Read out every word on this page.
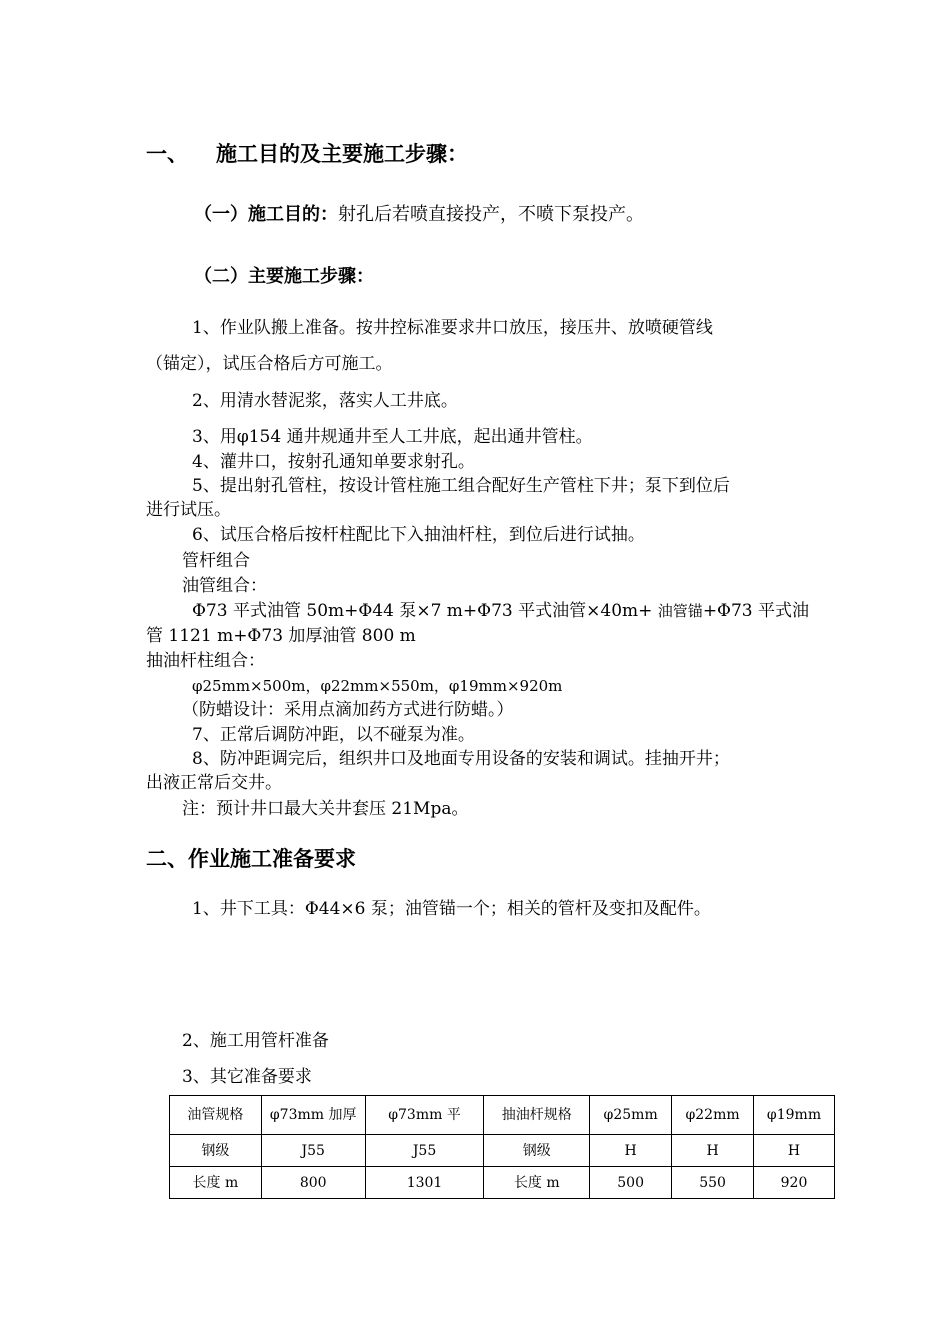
一、 施工目的及主要施工步骤：
（一）施工目的：射孔后若喷直接投产，不喷下泵投产。
（二）主要施工步骤：
1、作业队搬上准备。按井控标准要求井口放压，接压井、放喷硬管线
（锚定），试压合格后方可施工。
2、用清水替泥浆，落实人工井底。
3、用φ154 通井规通井至人工井底，起出通井管柱。
4、灌井口，按射孔通知单要求射孔。
5、提出射孔管柱，按设计管柱施工组合配好生产管柱下井；泵下到位后
进行试压。
6、试压合格后按杆柱配比下入抽油杆柱，到位后进行试抽。
管杆组合
油管组合：
Φ73 平式油管 50m+Φ44 泵×7 m+Φ73 平式油管×40m+ 油管锚+Φ73 平式油
管 1121 m+Φ73 加厚油管 800 m
抽油杆柱组合：
φ25mm×500m，φ22mm×550m，φ19mm×920m
（防蜡设计：采用点滴加药方式进行防蜡。）
7、正常后调防冲距，以不碰泵为准。
8、防冲距调完后，组织井口及地面专用设备的安装和调试。挂抽开井；
出液正常后交井。
注：预计井口最大关井套压 21Mpa。
二、作业施工准备要求
1、井下工具：Φ44×6 泵；油管锚一个；相关的管杆及变扣及配件。
2、施工用管杆准备
3、其它准备要求
油管规格	φ73mm 加厚	φ73mm 平	抽油杆规格	φ25mm	φ22mm	φ19mm
钢级	J55	J55	钢级	H	H	H
长度 m	800	1301	长度 m	500	550	920
